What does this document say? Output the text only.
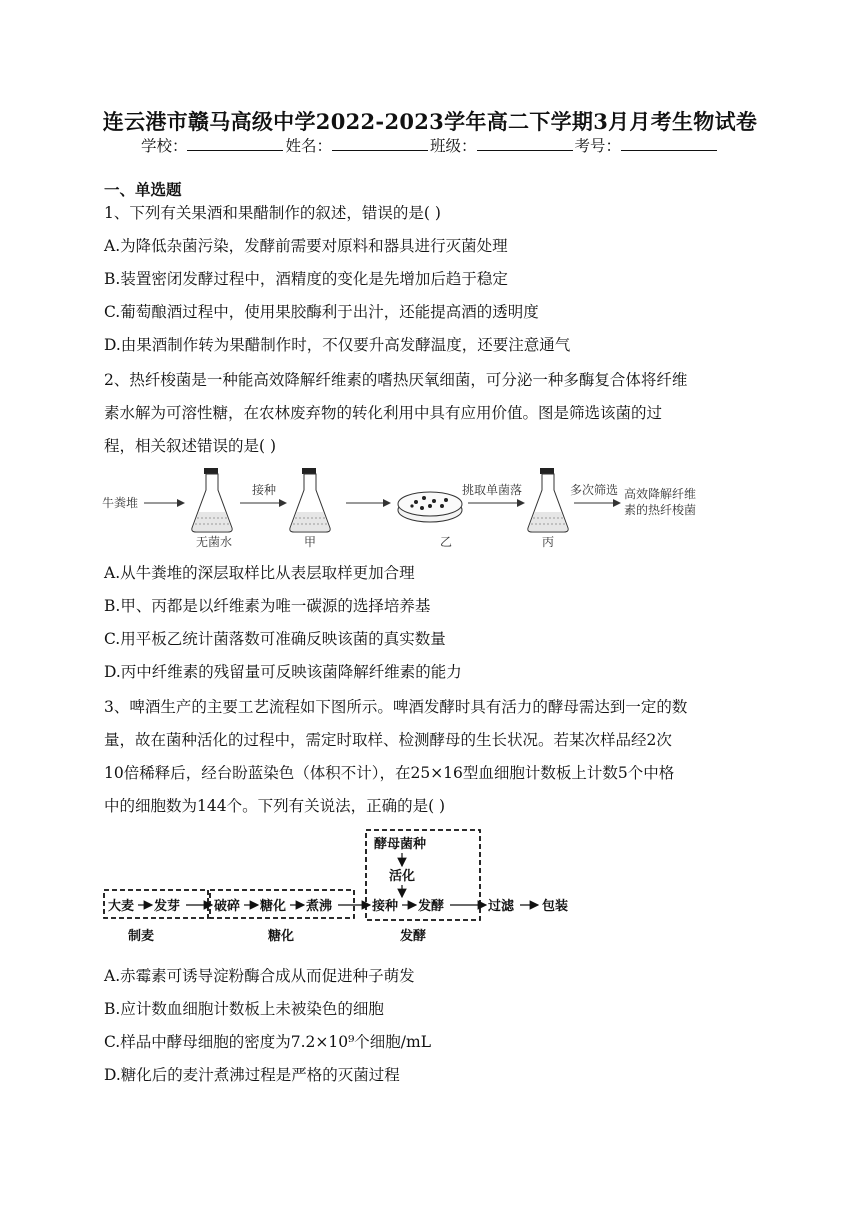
连云港市赣马高级中学2022-2023学年高二下学期3月月考生物试卷
学校：	姓名：	班级：	考号：
一、单选题
1、下列有关果酒和果醋制作的叙述，错误的是( )
A.为降低杂菌污染，发酵前需要对原料和器具进行灭菌处理
B.装置密闭发酵过程中，酒精度的变化是先增加后趋于稳定
C.葡萄酿酒过程中，使用果胶酶利于出汁，还能提高酒的透明度
D.由果酒制作转为果醋制作时，不仅要升高发酵温度，还要注意通气
2、热纤梭菌是一种能高效降解纤维素的嗜热厌氧细菌，可分泌一种多酶复合体将纤维
素水解为可溶性糖，在农林废弃物的转化利用中具有应用价值。图是筛选该菌的过
程，相关叙述错误的是( )
牛粪堆
无菌水
接种
甲	乙
挑取单菌落
丙
多次筛选 高效降解纤维
素的热纤梭菌
A.从牛粪堆的深层取样比从表层取样更加合理
B.甲、丙都是以纤维素为唯一碳源的选择培养基
C.用平板乙统计菌落数可准确反映该菌的真实数量
D.丙中纤维素的残留量可反映该菌降解纤维素的能力
3、啤酒生产的主要工艺流程如下图所示。啤酒发酵时具有活力的酵母需达到一定的数
量，故在菌种活化的过程中，需定时取样、检测酵母的生长状况。若某次样品经2次
10倍稀释后，经台盼蓝染色（体积不计），在25×16型血细胞计数板上计数5个中格
中的细胞数为144个。下列有关说法，正确的是( )
酵母菌种
活化
大麦 发芽	破碎 糖化 煮沸	接种 发酵	过滤 包装
制麦	糖化	发酵
A.赤霉素可诱导淀粉酶合成从而促进种子萌发
B.应计数血细胞计数板上未被染色的细胞
C.样品中酵母细胞的密度为7.2×10⁹个细胞/mL
D.糖化后的麦汁煮沸过程是严格的灭菌过程
